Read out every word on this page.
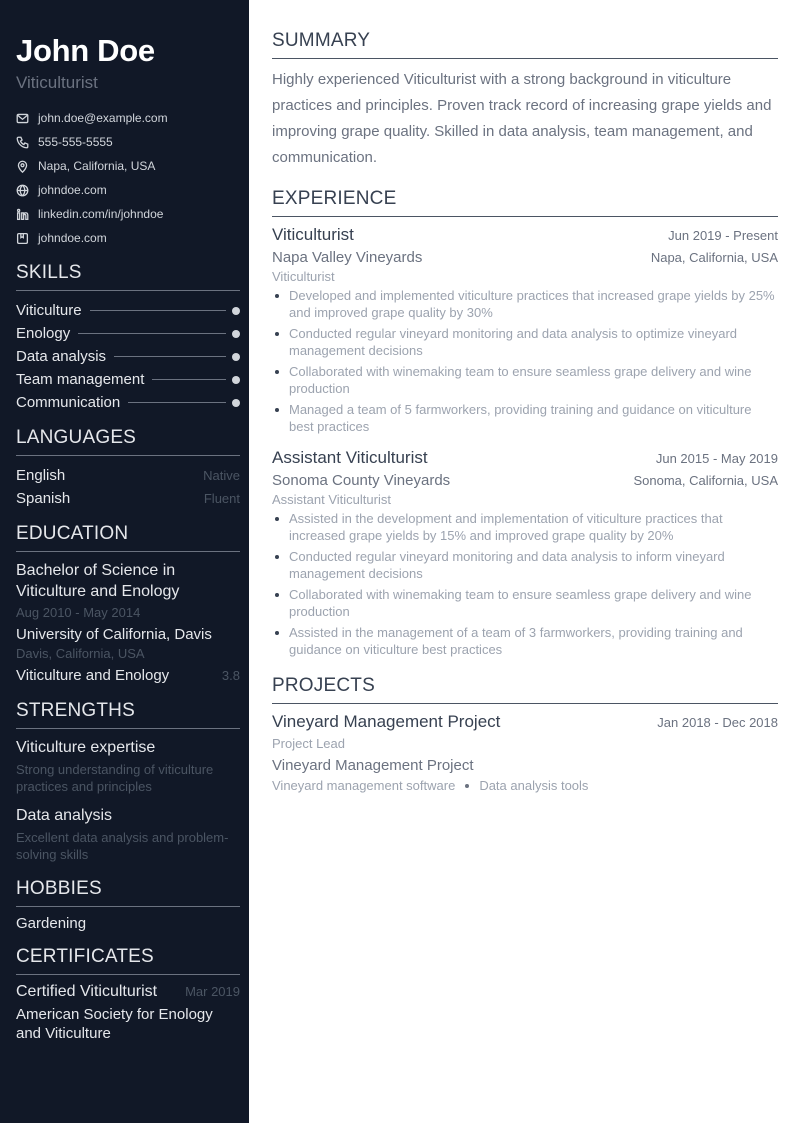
John Doe
Viticulturist
john.doe@example.com
555-555-5555
Napa, California, USA
johndoe.com
linkedin.com/in/johndoe
johndoe.com
SKILLS
Viticulture
Enology
Data analysis
Team management
Communication
LANGUAGES
English	Native
Spanish	Fluent
EDUCATION
Bachelor of Science in Viticulture and Enology
Aug 2010 - May 2014
University of California, Davis
Davis, California, USA
Viticulture and Enology	3.8
STRENGTHS
Viticulture expertise
Strong understanding of viticulture practices and principles
Data analysis
Excellent data analysis and problem-solving skills
HOBBIES
Gardening
CERTIFICATES
Certified Viticulturist Mar 2019
American Society for Enology and Viticulture
SUMMARY
Highly experienced Viticulturist with a strong background in viticulture practices and principles. Proven track record of increasing grape yields and improving grape quality. Skilled in data analysis, team management, and communication.
EXPERIENCE
Viticulturist	Jun 2019 - Present
Napa Valley Vineyards	Napa, California, USA
Viticulturist
Developed and implemented viticulture practices that increased grape yields by 25% and improved grape quality by 30%
Conducted regular vineyard monitoring and data analysis to optimize vineyard management decisions
Collaborated with winemaking team to ensure seamless grape delivery and wine production
Managed a team of 5 farmworkers, providing training and guidance on viticulture best practices
Assistant Viticulturist	Jun 2015 - May 2019
Sonoma County Vineyards	Sonoma, California, USA
Assistant Viticulturist
Assisted in the development and implementation of viticulture practices that increased grape yields by 15% and improved grape quality by 20%
Conducted regular vineyard monitoring and data analysis to inform vineyard management decisions
Collaborated with winemaking team to ensure seamless grape delivery and wine production
Assisted in the management of a team of 3 farmworkers, providing training and guidance on viticulture best practices
PROJECTS
Vineyard Management Project	Jan 2018 - Dec 2018
Project Lead
Vineyard Management Project
Vineyard management software Data analysis tools
